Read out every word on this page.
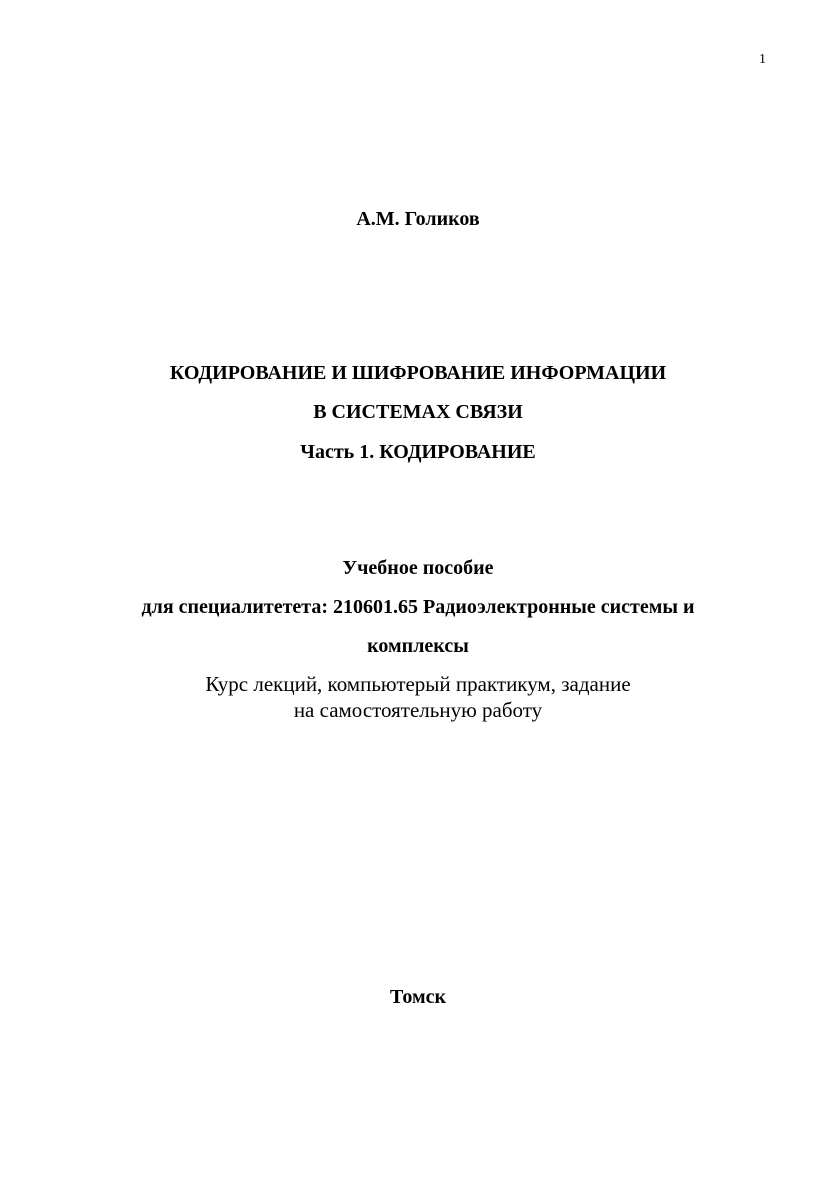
1
А.М. Голиков
КОДИРОВАНИЕ И ШИФРОВАНИЕ ИНФОРМАЦИИ
В СИСТЕМАХ СВЯЗИ
Часть 1. КОДИРОВАНИЕ
Учебное пособие
для специалитетета: 210601.65 Радиоэлектронные системы и
комплексы
Курс лекций, компьютерый практикум, задание
на самостоятельную работу
Томск
